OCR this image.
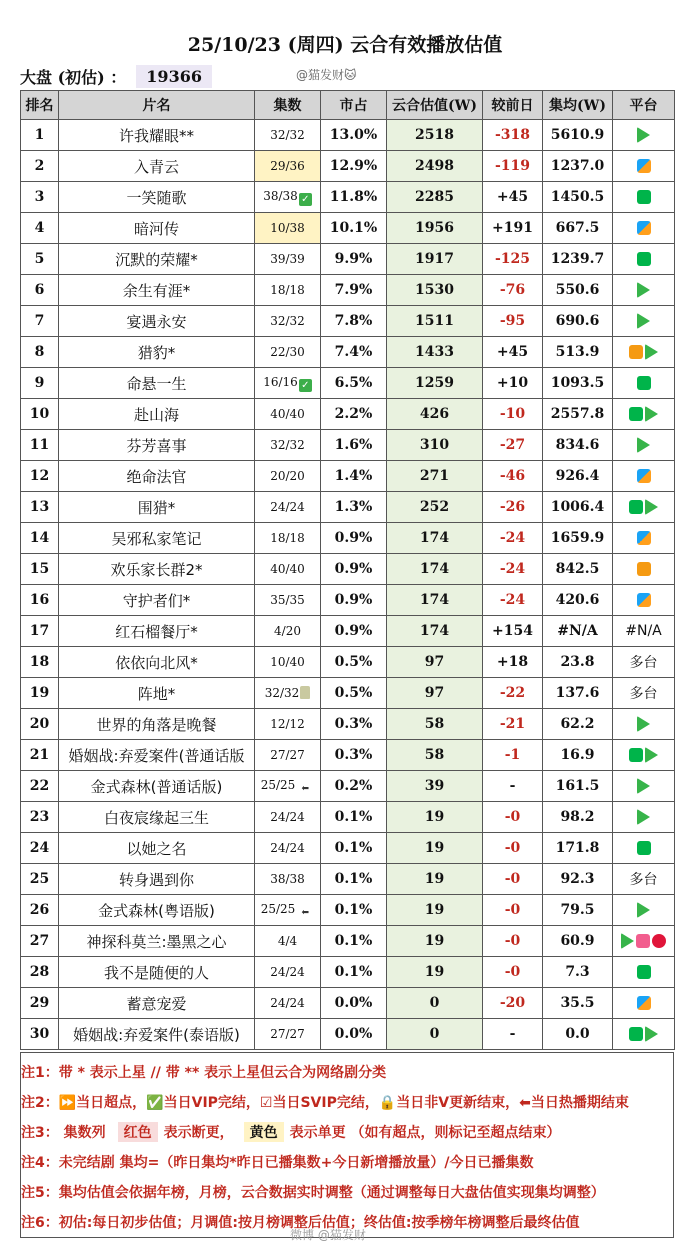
25/10/23 (周四) 云合有效播放估值
大盘 (初估) ：	19366	@猫发财🐱
排名	片名	集数	市占	云合估值(W)	较前日	集均(W)	平台
1	许我耀眼**	32/32	13.0%	2518	-318	5610.9	
2	入青云	29/36	12.9%	2498	-119	1237.0	
3	一笑随歌	38/38 ✓	11.8%	2285	+45	1450.5	
4	暗河传	10/38	10.1%	1956	+191	667.5	
5	沉默的荣耀*	39/39	9.9%	1917	-125	1239.7	
6	余生有涯*	18/18	7.9%	1530	-76	550.6	
7	宴遇永安	32/32	7.8%	1511	-95	690.6	
8	猎豹*	22/30	7.4%	1433	+45	513.9	
9	命悬一生	16/16 ✓	6.5%	1259	+10	1093.5	
10	赴山海	40/40	2.2%	426	-10	2557.8	
11	芬芳喜事	32/32	1.6%	310	-27	834.6	
12	绝命法官	20/20	1.4%	271	-46	926.4	
13	围猎*	24/24	1.3%	252	-26	1006.4	
14	吴邪私家笔记	18/18	0.9%	174	-24	1659.9	
15	欢乐家长群2*	40/40	0.9%	174	-24	842.5	
16	守护者们*	35/35	0.9%	174	-24	420.6	
17	红石榴餐厅*	4/20	0.9%	174	+154	#N/A	#N/A
18	依依向北风*	10/40	0.5%	97	+18	23.8	多台
19	阵地*	32/32	0.5%	97	-22	137.6	多台
20	世界的角落是晚餐	12/12	0.3%	58	-21	62.2	
21	婚姻战:弃爱案件(普通话版	27/27	0.3%	58	-1	16.9	
22	金式森林(普通话版)	25/25 ⬅	0.2%	39	-	161.5	
23	白夜宸缘起三生	24/24	0.1%	19	-0	98.2	
24	以她之名	24/24	0.1%	19	-0	171.8	
25	转身遇到你	38/38	0.1%	19	-0	92.3	多台
26	金式森林(粤语版)	25/25 ⬅	0.1%	19	-0	79.5	
27	神探科莫兰:墨黑之心	4/4	0.1%	19	-0	60.9	
28	我不是随便的人	24/24	0.1%	19	-0	7.3	
29	蓄意宠爱	24/24	0.0%	0	-20	35.5	
30	婚姻战:弃爱案件(泰语版)	27/27	0.0%	0	-	0.0	
注1：带 * 表示上星 // 带 ** 表示上星但云合为网络剧分类
注2：⏩当日超点，✅当日VIP完结，☑当日SVIP完结，🔒当日非V更新结束，⬅当日热播期结束
注3： 集数列	红色 表示断更，	黄色 表示单更 （如有超点，则标记至超点结束）
注4：未完结剧 集均=（昨日集均*昨日已播集数+今日新增播放量）/今日已播集数
注5：集均估值会依据年榜，月榜，云合数据实时调整（通过调整每日大盘估值实现集均调整）
注6：初估:每日初步估值；月调值:按月榜调整后估值；终估值:按季榜年榜调整后最终估值
微博 @猫发财
